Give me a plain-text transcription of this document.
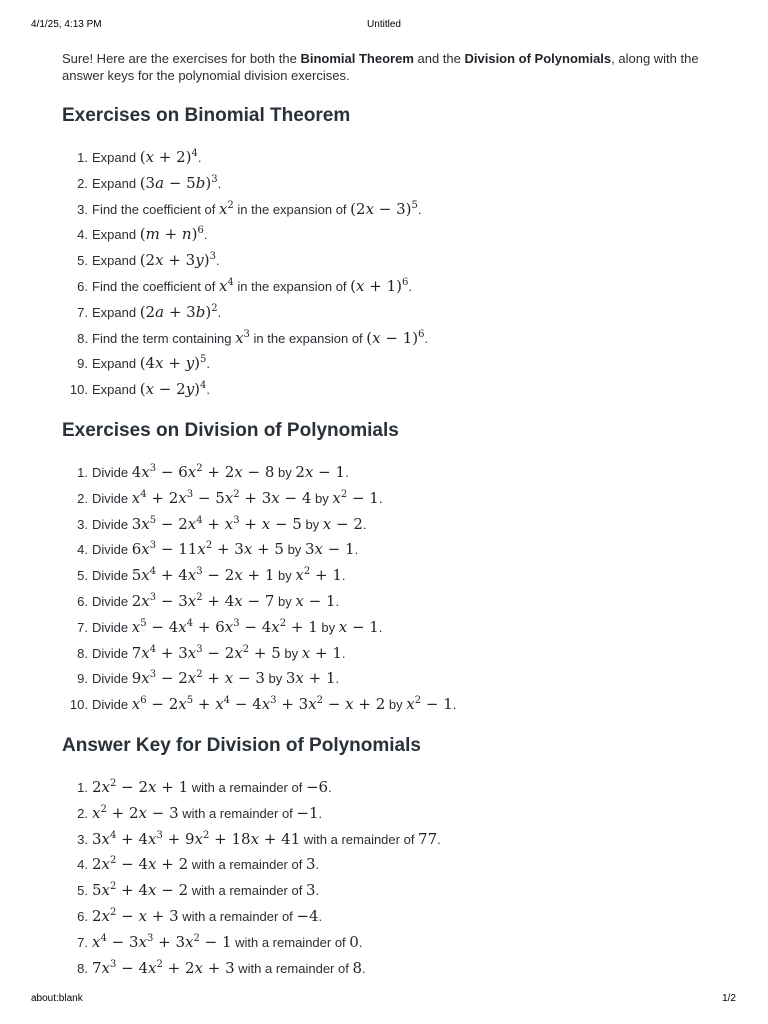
4/1/25, 4:13 PM	Untitled

Sure! Here are the exercises for both the Binomial Theorem and the Division of Polynomials, along with the answer keys for the polynomial division exercises.

Exercises on Binomial Theorem
1. Expand $(x + 2)^4$.
2. Expand $(3a - 5b)^3$.
3. Find the coefficient of $x^2$ in the expansion of $(2x - 3)^5$.
4. Expand $(m + n)^6$.
5. Expand $(2x + 3y)^3$.
6. Find the coefficient of $x^4$ in the expansion of $(x + 1)^6$.
7. Expand $(2a + 3b)^2$.
8. Find the term containing $x^3$ in the expansion of $(x - 1)^6$.
9. Expand $(4x + y)^5$.
10. Expand $(x - 2y)^4$.
Exercises on Division of Polynomials
1. Divide $4x^3 - 6x^2 + 2x - 8$ by 2x − 1.
2. Divide $x^4 + 2x^3 - 5x^2 + 3x - 4$ by $x^2 - 1$.
3. Divide $3x^5 - 2x^4 + x^3 + x - 5$ by x − 2.
4. Divide $6x^3 - 11x^2 + 3x + 5$ by 3x − 1.
5. Divide $5x^4 + 4x^3 - 2x + 1$ by $x^2 + 1$.
6. Divide $2x^3 - 3x^2 + 4x - 7$ by x − 1.
7. Divide $x^5 - 4x^4 + 6x^3 - 4x^2 + 1$ by x − 1.
8. Divide $7x^4 + 3x^3 - 2x^2 + 5$ by x + 1.
9. Divide $9x^3 - 2x^2 + x - 3$ by 3x + 1.
10. Divide $x^6 - 2x^5 + x^4 - 4x^3 + 3x^2 - x + 2$ by $x^2 - 1$.
Answer Key for Division of Polynomials
1. $2x^2 - 2x + 1$ with a remainder of −6.
2. $x^2 + 2x - 3$ with a remainder of −1.
3. $3x^4 + 4x^3 + 9x^2 + 18x + 41$ with a remainder of 77.
4. $2x^2 - 4x + 2$ with a remainder of 3.
5. $5x^2 + 4x - 2$ with a remainder of 3.
6. $2x^2 - x + 3$ with a remainder of −4.
7. $x^4 - 3x^3 + 3x^2 - 1$ with a remainder of 0.
8. $7x^3 - 4x^2 + 2x + 3$ with a remainder of 8.
about:blank	1/2
